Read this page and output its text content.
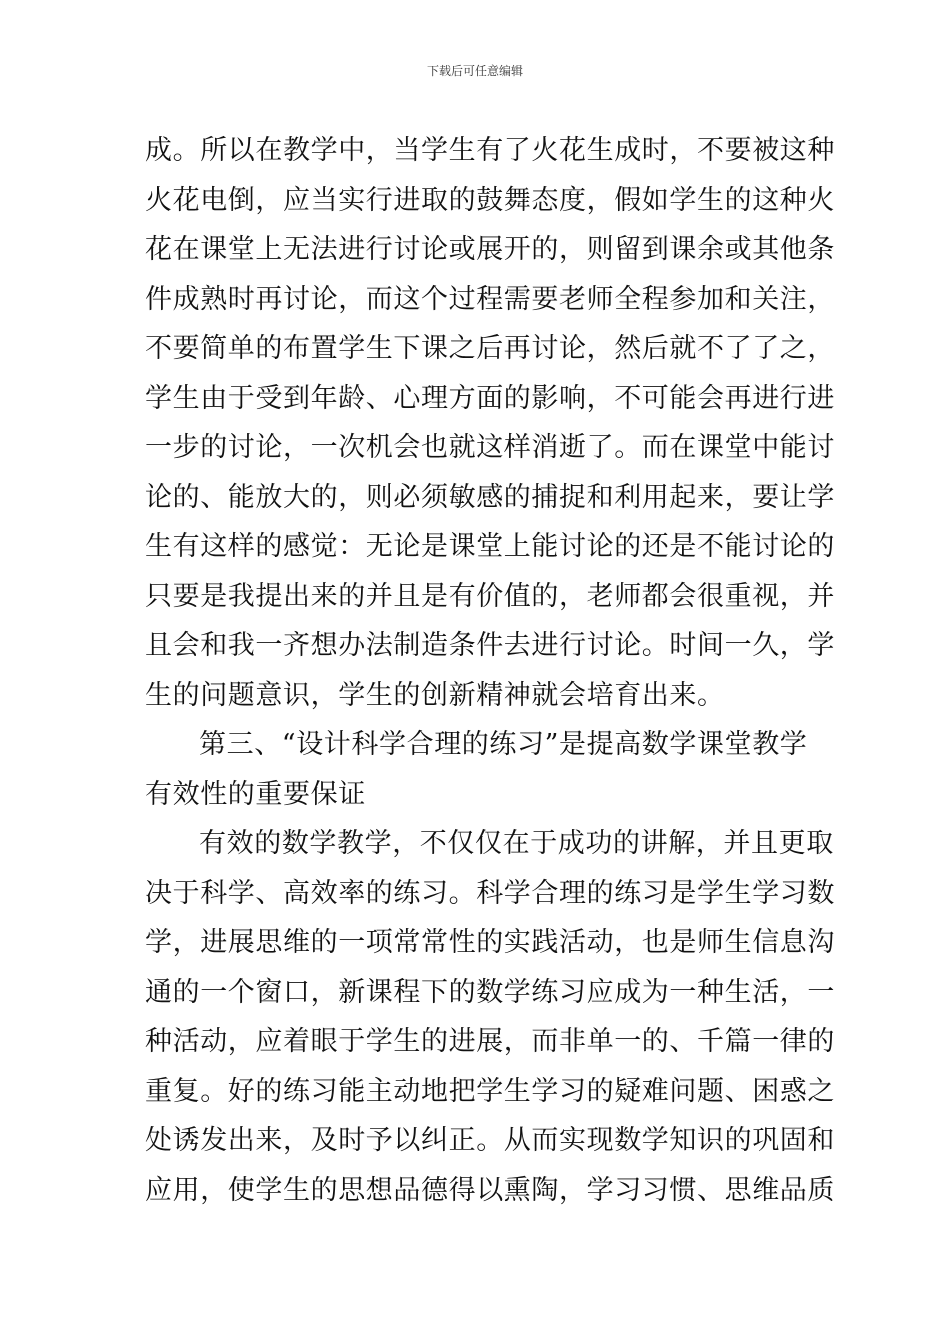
下载后可任意编辑
成。所以在教学中，当学生有了火花生成时，不要被这种
火花电倒，应当实行进取的鼓舞态度，假如学生的这种火
花在课堂上无法进行讨论或展开的，则留到课余或其他条
件成熟时再讨论，而这个过程需要老师全程参加和关注，
不要简单的布置学生下课之后再讨论，然后就不了了之，
学生由于受到年龄、心理方面的影响，不可能会再进行进
一步的讨论，一次机会也就这样消逝了。而在课堂中能讨
论的、能放大的，则必须敏感的捕捉和利用起来，要让学
生有这样的感觉：无论是课堂上能讨论的还是不能讨论的
只要是我提出来的并且是有价值的，老师都会很重视，并
且会和我一齐想办法制造条件去进行讨论。时间一久，学
生的问题意识，学生的创新精神就会培育出来。
第三、“设计科学合理的练习”是提高数学课堂教学
有效性的重要保证
有效的数学教学，不仅仅在于成功的讲解，并且更取
决于科学、高效率的练习。科学合理的练习是学生学习数
学，进展思维的一项常常性的实践活动，也是师生信息沟
通的一个窗口，新课程下的数学练习应成为一种生活，一
种活动，应着眼于学生的进展，而非单一的、千篇一律的
重复。好的练习能主动地把学生学习的疑难问题、困惑之
处诱发出来，及时予以纠正。从而实现数学知识的巩固和
应用，使学生的思想品德得以熏陶，学习习惯、思维品质
